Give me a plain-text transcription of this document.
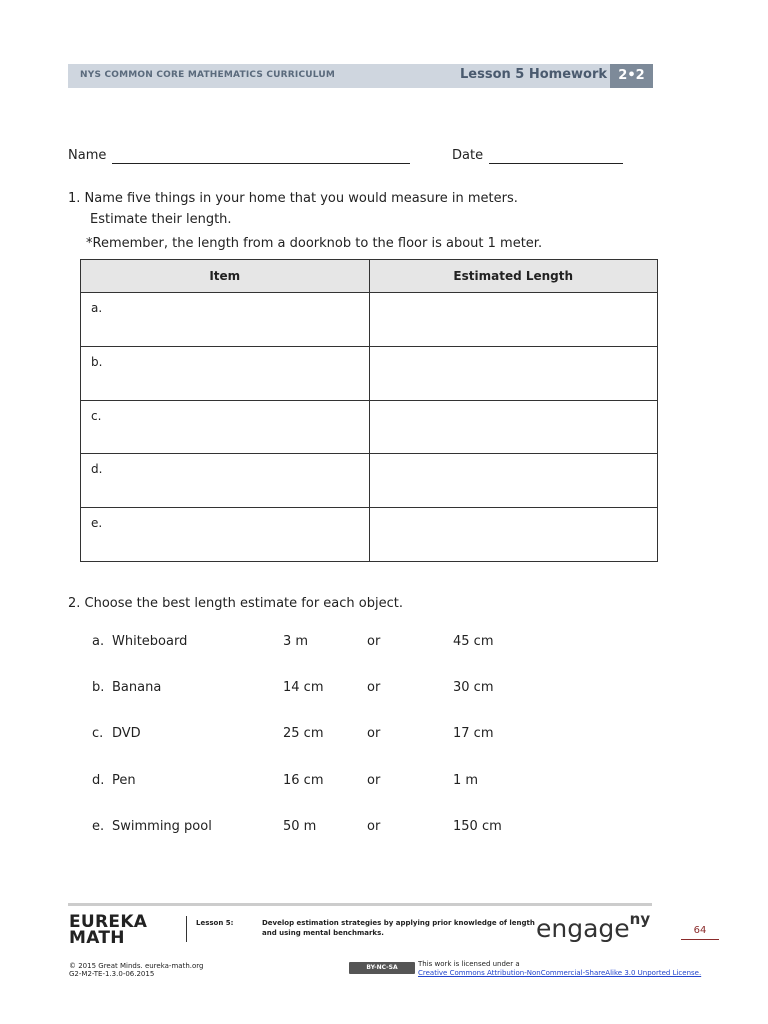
NYS COMMON CORE MATHEMATICS CURRICULUM	Lesson 5 Homework 2•2
Name	Date
1. Name five things in your home that you would measure in meters.
Estimate their length.
*Remember, the length from a doorknob to the floor is about 1 meter.
Item	Estimated Length
a.	
b.	
c.	
d.	
e.	
2. Choose the best length estimate for each object.
a. Whiteboard	3 m	or	45 cm
b. Banana	14 cm	or	30 cm
c. DVD	25 cm	or	17 cm
d. Pen	16 cm	or	1 m
e. Swimming pool	50 m	or	150 cm
EUREKA
MATH
Lesson 5:	Develop estimation strategies by applying prior knowledge of length
and using mental benchmarks.	engage$^{ny}$
64
© 2015 Great Minds. eureka-math.org
G2-M2-TE-1.3.0-06.2015
BY-NC-SA	This work is licensed under a
Creative Commons Attribution-NonCommercial-ShareAlike 3.0 Unported License.
